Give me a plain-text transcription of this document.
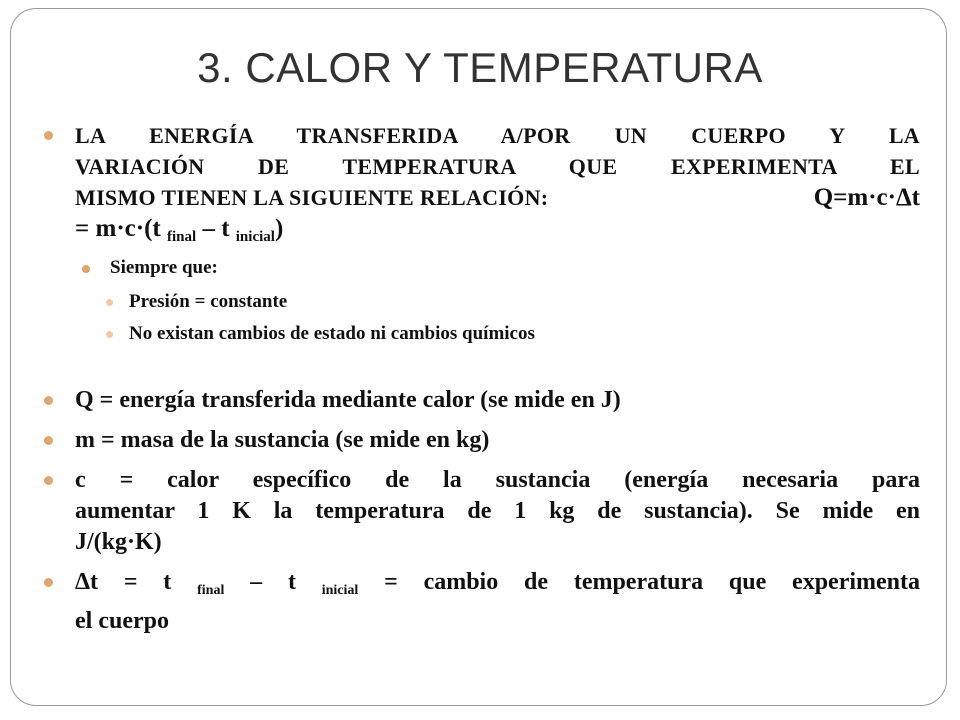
3. CALOR Y TEMPERATURA
LA ENERGÍA TRANSFERIDA A/POR UN CUERPO Y LA
VARIACIÓN DE TEMPERATURA QUE EXPERIMENTA EL
MISMO TIENEN LA SIGUIENTE RELACIÓN:	Q=m·c·Δt
= m·c·(t $_{final}$ – t $_{inicial}$)
Siempre que:
Presión = constante
No existan cambios de estado ni cambios químicos
Q = energía transferida mediante calor (se mide en J)
m = masa de la sustancia (se mide en kg)
c = calor específico de la sustancia (energía necesaria para
aumentar 1 K la temperatura de 1 kg de sustancia). Se mide en
J/(kg·K)
Δt = t $_{final}$ – t $_{inicial}$ = cambio de temperatura que experimenta
el cuerpo
